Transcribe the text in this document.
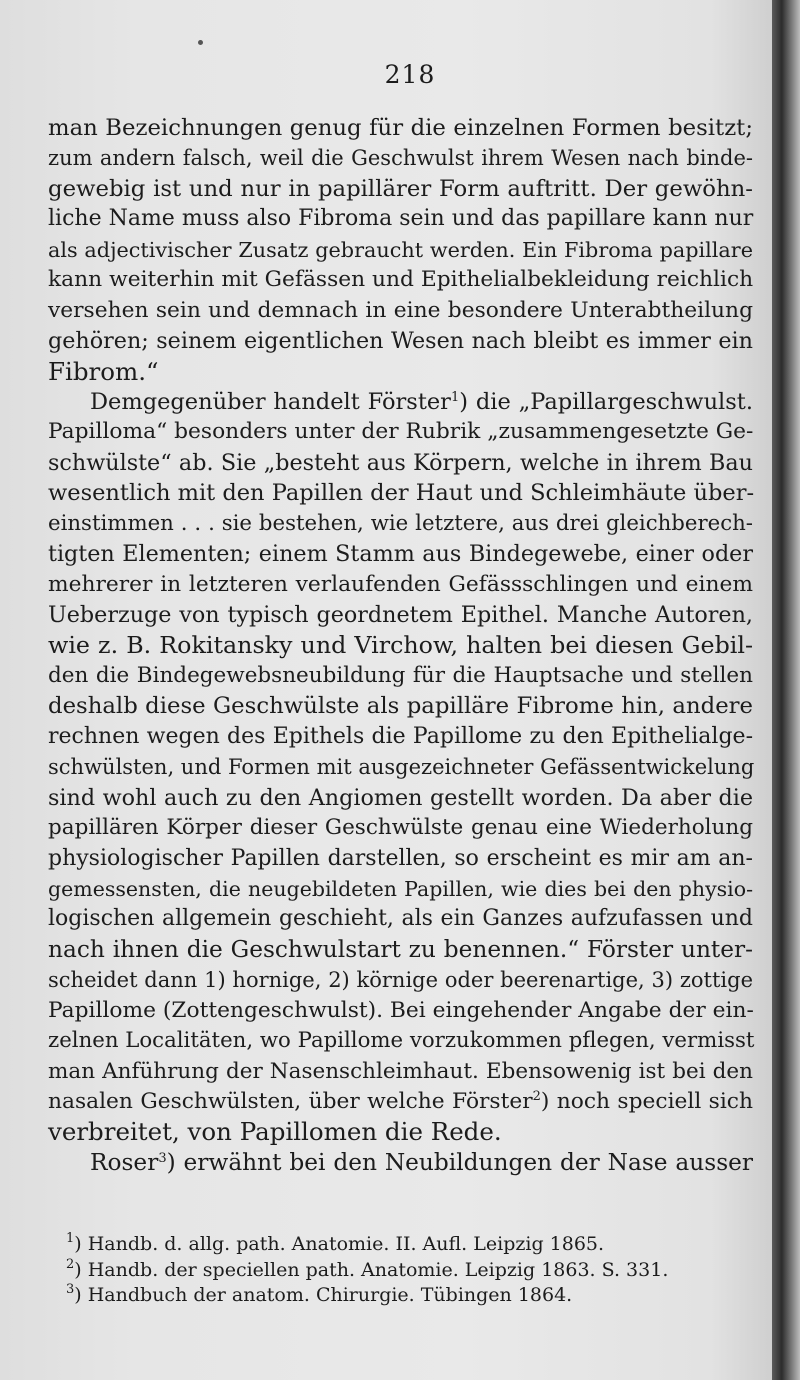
218
man Bezeichnungen genug für die einzelnen Formen besitzt;
zum andern falsch, weil die Geschwulst ihrem Wesen nach binde-
gewebig ist und nur in papillärer Form auftritt. Der gewöhn-
liche Name muss also Fibroma sein und das papillare kann nur
als adjectivischer Zusatz gebraucht werden. Ein Fibroma papillare
kann weiterhin mit Gefässen und Epithelialbekleidung reichlich
versehen sein und demnach in eine besondere Unterabtheilung
gehören; seinem eigentlichen Wesen nach bleibt es immer ein
Fibrom.“
Demgegenüber handelt Förster$^1$) die „Papillargeschwulst.
Papilloma“ besonders unter der Rubrik „zusammengesetzte Ge-
schwülste“ ab. Sie „besteht aus Körpern, welche in ihrem Bau
wesentlich mit den Papillen der Haut und Schleimhäute über-
einstimmen . . . sie bestehen, wie letztere, aus drei gleichberech-
tigten Elementen; einem Stamm aus Bindegewebe, einer oder
mehrerer in letzteren verlaufenden Gefässschlingen und einem
Ueberzuge von typisch geordnetem Epithel. Manche Autoren,
wie z. B. Rokitansky und Virchow, halten bei diesen Gebil-
den die Bindegewebsneubildung für die Hauptsache und stellen
deshalb diese Geschwülste als papilläre Fibrome hin, andere
rechnen wegen des Epithels die Papillome zu den Epithelialge-
schwülsten, und Formen mit ausgezeichneter Gefässentwickelung
sind wohl auch zu den Angiomen gestellt worden. Da aber die
papillären Körper dieser Geschwülste genau eine Wiederholung
physiologischer Papillen darstellen, so erscheint es mir am an-
gemessensten, die neugebildeten Papillen, wie dies bei den physio-
logischen allgemein geschieht, als ein Ganzes aufzufassen und
nach ihnen die Geschwulstart zu benennen.“ Förster unter-
scheidet dann 1) hornige, 2) körnige oder beerenartige, 3) zottige
Papillome (Zottengeschwulst). Bei eingehender Angabe der ein-
zelnen Localitäten, wo Papillome vorzukommen pflegen, vermisst
man Anführung der Nasenschleimhaut. Ebensowenig ist bei den
nasalen Geschwülsten, über welche Förster$^2$) noch speciell sich
verbreitet, von Papillomen die Rede.
Roser$^3$) erwähnt bei den Neubildungen der Nase ausser
$^1$) Handb. d. allg. path. Anatomie. II. Aufl. Leipzig 1865.
$^2$) Handb. der speciellen path. Anatomie. Leipzig 1863. S. 331.
$^3$) Handbuch der anatom. Chirurgie. Tübingen 1864.
